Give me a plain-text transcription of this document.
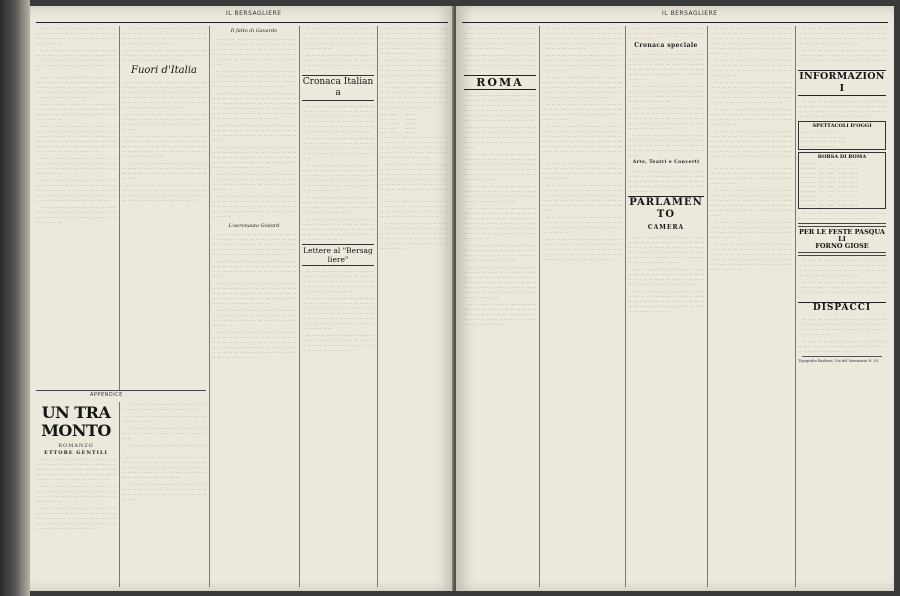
IL BERSAGLIERE

.... ... ... .... .... ... .... ... ..... .... ... .... ... .... ..... ... .... ... .... .... ... .... .... ... ... .... .... ... .... ... ... .... ... .... .... ... .... ... ..... .... ... .... ... .... ..... ... .... ... ....

.... ... ... .... .... ... .... ... ..... .... ... .... ... .... ..... ... .... ... .... .... ... .... .... ... ... .... .... ... .... ... ... .... ... .... .... ... .... ... ..... .... ... .... ... .... ..... ... .... ... .... .... ... .... .... ... ... .... .... ... .... ...

.... ... ... .... .... ... .... ... ..... .... ... .... ... .... ..... ... .... ... .... .... ... .... .... ... ... .... .... ... .... ... ... .... ... .... .... ... .... ... ..... .... ... .... ... .... ..... ... .... ... .... .... ... .... .... ... ... .... .... ... .... ... ... .... ... .... .... ... .... ... ..... ....

.... ... ... .... .... ... .... ... ..... .... ... .... ... .... ..... ... .... ... .... .... ... .... .... ... ... .... .... ... .... ... ... .... ... .... .... ... .... ... ..... .... ... .... ... .... ..... ... .... ... ....

.... ... ... .... .... ... .... ... ..... .... ... .... ... .... ..... ... .... ... .... .... ... .... .... ... ... .... .... ... .... ... ... .... ... .... .... ... .... ... ..... .... ... .... ... .... ..... ... .... ... .... .... ... .... .... ... ... .... .... ... .... ... ... .... ... .... .... ... .... ... ..... .... ... .... ... .... ..... ... .... ... .... .... ... .... .... ... ... ....

.... ... ... .... .... ... .... ... ..... .... ... .... ... .... ..... ... .... ... .... .... ... .... .... ... ... .... .... ... .... ... ... .... ... .... .... ... .... ... ..... .... ... .... ... .... ..... ... .... ... ....

.... ... ... .... .... ... .... ... ..... .... ... .... ... .... ..... ... .... ... .... .... ... .... .... ... ... .... .... ... .... ... ... .... ... .... .... ... .... ... ..... .... ... .... ... .... ..... ... .... ... .... .... ... .... .... ... ... .... .... ... .... ... ... .... ... .... .... ... .... ... ..... .... ... .... ...

.... ... ... .... .... ... .... ... ..... .... ... .... ... .... ..... ... .... ... .... .... ... .... .... ... ... .... .... ... .... ... ... .... ... .... .... ... .... ... ..... .... ... .... ... .... ..... ... .... ... ....

.... ... ... .... .... ... .... ... ..... .... ... .... ... .... ..... ... .... ... .... .... ... .... .... ... ... .... .... ... .... ... ... .... ... .... .... ... .... ... ..... .... ... .... ... .... ..... ... .... ... .... .... ... .... .... ... ... ....

.... ... ... .... .... ... .... ... ..... .... ... .... ... .... ..... ... .... ... .... .... ... .... .... ... ... .... .... ... .... ... ... .... ... .... .... ... .... ... ..... .... ... .... ...

Fuori d'Italia

.... ... ... .... .... ... .... ... ..... .... ... .... ... .... ..... ... .... ... .... .... ... .... .... ... ... .... .... ... .... ... ... .... ... .... .... ... .... ... ..... .... ... .... ... .... ..... ... .... ... .... .... ... .... .... ... ... .... .... ... .... ... ... .... ... .... .... ... .... ... ..... .... ... .... ... .... ..... ... .... ... .... .... ... .... .... ... ... .... .... ... .... ...

.... ... ... .... .... ... .... ... ..... .... ... .... ... .... ..... ... .... ... .... .... ... .... .... ... ... .... .... ... .... ... ... .... ... .... .... ... .... ... ..... .... ... .... ... .... ..... ... .... ... ....

.... ... ... .... .... ... .... ... ..... .... ... .... ... .... ..... ... .... ... .... .... ... .... .... ... ... .... .... ... .... ... ... .... ... .... .... ... .... ... ..... .... ... .... ... .... ..... ... .... ... .... .... ... .... .... ... ... .... .... ... .... ... ... .... ... .... .... ... .... ... ..... ....

.... ... ... .... .... ... .... ... ..... .... ... .... ... .... ..... ... .... ... .... .... ... .... .... ... ... .... .... ... .... ... ... .... ... .... .... ... .... ... ..... .... ... .... ... .... ..... ... .... ... ....

.... ... ... .... .... ... .... ... ..... .... ... .... ... .... ..... ... .... ... .... .... ... .... .... ... ... .... .... ... .... ... ... .... ... .... .... ... .... ... ..... .... ... .... ... .... ..... ... .... ... .... .... ... .... .... ... ... .... .... ... .... ...

Il fatto di Gavardo

.... ... ... .... .... ... .... ... ..... .... ... .... ... .... ..... ... .... ... .... .... ... .... .... ... ... .... .... ... .... ... ... .... ... .... .... ... .... ... ..... .... ... .... ... .... ..... ... .... ... .... .... ... .... .... ... ... .... .... ... .... ... ... .... ... .... .... ... .... ... ..... .... ... .... ... .... ..... ... .... ... ....

.... ... ... .... .... ... .... ... ..... .... ... .... ... .... ..... ... .... ... .... .... ... .... .... ... ... .... .... ... .... ... ... .... ... .... .... ... .... ... ..... .... ... .... ... .... ..... ... .... ... .... .... ... .... .... ... ... .... .... ... .... ...

.... ... ... .... .... ... .... ... ..... .... ... .... ... .... ..... ... .... ... .... .... ... .... .... ... ... .... .... ... .... ... ... .... ... .... .... ... .... ... ..... .... ... .... ... .... ..... ... .... ... .... .... ... .... .... ... ... .... .... ... .... ... ... .... ... .... .... ... .... ... ..... .... ... .... ... .... ..... ... .... ... .... .... ... .... .... ... ... .... .... ... .... ...

.... ... ... .... .... ... .... ... ..... .... ... .... ... .... ..... ... .... ... .... .... ... .... .... ... ... .... .... ... .... ... ... .... ... .... .... ... .... ... ..... .... ... .... ... .... ..... ... .... ... ....

.... ... ... .... .... ... .... ... ..... .... ... .... ... .... ..... ... .... ... .... .... ... .... .... ... ... .... .... ... .... ... ... .... ... .... .... ... .... ... ..... .... ... .... ... .... ..... ... .... ... .... .... ... .... .... ... ... .... .... ... .... ... ... .... ... .... .... ... .... ... ..... .... ... .... ...

.... ... ... .... .... ... .... ... ..... .... ... .... ... .... ..... ... .... ... .... .... ... .... .... ... ... .... .... ... .... ... ... .... ... .... .... ... .... ... ..... .... ... .... ... .... ..... ... .... ... ....

.... ... ... .... .... ... .... ... ..... .... ... .... ... .... ..... ... .... ... .... .... ... .... .... ... ... .... .... ... .... ... ... .... ... .... .... ... .... ... ..... .... ... .... ... .... ..... ... .... ... .... .... ... .... .... ... ... .... .... ... .... ... ... .... ... .... .... ...

L'aeronauta Godard

.... ... ... .... .... ... .... ... ..... .... ... .... ... .... ..... ... .... ... .... .... ... .... .... ... ... .... .... ... .... ... ... .... ... .... .... ... .... ... ..... .... ... .... ... .... ..... ... .... ... .... .... ... .... .... ... ... .... .... ... .... ... ... .... ... .... .... ... .... ... ..... .... ... .... ... .... ..... ...

.... ... ... .... .... ... .... ... ..... .... ... .... ... .... ..... ... .... ... .... .... ... .... .... ... ... .... .... ... .... ... ... .... ... .... .... ... .... ... ..... .... ... .... ... .... ..... ... .... ... ....

.... ... ... .... .... ... .... ... ..... .... ... .... ... .... ..... ... .... ... .... .... ... .... .... ... ... .... .... ... .... ... ... .... ... .... .... ... .... ... ..... .... ... .... ... .... ..... ... .... ... .... .... ... .... .... ... ... .... .... ... .... ... ... .... ... .... .... ... .... ... ..... .... ... .... ...

.... ... ... .... .... ... .... ... ..... .... ... .... ... .... ..... ... .... ... .... .... ... .... .... ... ... .... .... ... .... ... ... .... ... .... .... ... .... ... ..... .... ... .... ... .... ..... ... .... ... ....

.... ... ... .... .... ... .... ... ..... .... ... .... ... .... ..... ... .... ... .... .... ... .... .... ... ... .... .... ... .... ... ... .... ... .... .... ... .... ... ..... .... ... .... ... .... ..... ... .... ... .... .... ... .... .... ... ... .... .... ... .... ... ... .... ... .... .... ... .... ... ..... .... ... .... ... .... ..... ... .... ... .... .... ... .... .... ... ... ....

.... ... ... .... .... ... .... ... ..... .... ... .... ... .... ..... ... .... ... .... .... ... .... .... ... ... .... .... ... .... ... ... .... ... .... .... ... .... ... ..... .... ... .... ... .... ..... ... .... ... .... .... ... .... .... ... ... .... .... ...

.... ... ... .... .... ... .... ... ..... .... ... .... ... .... ..... ... .... ... .... .... ... .... .... ... ... .... .... ... .... ... ... .... ... .... .... ... .... ... ..... .... ... ....

Cronaca Italiana

.... ... ... .... .... ... .... ... ..... .... ... .... ... .... ..... ... .... ... .... .... ... .... .... ... ... .... .... ... .... ... ... .... ... .... .... ... .... ... ..... .... ... .... ... .... ..... ... .... ... .... .... ... .... .... ... ... .... .... ... .... ... ... .... ... .... .... ... .... ... ..... .... ... .... ... .... ..... ... .... ... ....

.... ... ... .... .... ... .... ... ..... .... ... .... ... .... ..... ... .... ... .... .... ... .... .... ... ... .... .... ... .... ... ... .... ... .... .... ... .... ... ..... .... ... .... ... .... ..... ... .... ... .... .... ... .... .... ...

.... ... ... .... .... ... .... ... ..... .... ... .... ... .... ..... ... .... ... .... .... ... .... .... ... ... .... .... ... .... ... ... .... ... .... .... ... .... ... ..... .... ... .... ... .... ..... ... .... ... .... .... ... .... .... ... ... .... .... ... .... ... ... .... ... .... .... ... .... ... ..... .... ... .... ...

.... ... ... .... .... ... .... ... ..... .... ... .... ... .... ..... ... .... ... .... .... ... .... .... ... ... .... .... ... .... ... ... .... ... .... .... ... .... ... ..... .... ... .... ... .... ..... ... .... ... ....

.... ... ... .... .... ... .... ... ..... .... ... .... ... .... ..... ... .... ... .... .... ... .... .... ... ... .... .... ... .... ... ... .... ... .... .... ... .... ... ..... .... ... .... ... .... ..... ... .... ... .... .... ... .... .... ... ... .... .... ... .... ...

Lettere al "Bersagliere"

.... ... ... .... .... ... .... ... ..... .... ... .... ... .... ..... ... .... ... .... .... ... .... .... ... ... .... .... ... .... ... ... .... ... .... .... ... .... ... ..... .... ... .... ... .... ..... ... .... ... .... .... ... .... .... ... ... .... .... ... .... ... ... .... ...

.... ... ... .... .... ... .... ... ..... .... ... .... ... .... ..... ... .... ... .... .... ... .... .... ... ... .... .... ... .... ... ... .... ... .... .... ... .... ... ..... .... ... .... ... .... ..... ... .... ... .... .... ... .... .... ... ... .... .... ... .... ... ... .... ... .... .... ... .... ... ..... .... ... .... ... .... ..... ... .... ... .... .... ... .... .... ... ...

.... ... ... .... .... ... .... ... ..... .... ... .... ... .... ..... ... .... ... .... .... ... .... .... ... ... .... .... ... .... ... ... .... ... .... .... ... .... ... ..... .... ... .... ... .... ..... ... .... ... ....

.... ... ... .... .... ... .... ... ..... .... ... .... ... .... ..... ... .... ... .... .... ... .... .... ... ... .... .... ... .... ... ... .... ... .... .... ... .... ... ..... .... ... .... ... .... ..... ... .... ... .... .... ... .... .... ... ... .... .... ... .... ... ... .... ... .... .... ... .... ... ..... ....

.... ... ... .... .... ... .... ... ..... .... ... .... ... .... ..... ... .... ... .... .... ... .... .... ... ... .... .... ... .... ... ... .... ... .... .... ... .... ... ..... .... ... .... ... .... ..... ... .... ... ....

.... ... ... .... .... ... .... ... ..... .... ... .... ... .... ..... ... .... ... .... .... ... .... .... ... ... .... .... ... .... ... ... .... ... .... .... ... .... ... ..... .... ... .... ... .... ..... ... .... ... .... .... ... .... .... ... ... .... .... ... .... ... ... .... ... .... .... ... .... ... ..... .... ... .... ...

.... .....   ......
.... ....    ......
.... .....   ......
.... ...     ......
.... .....   ......

.... ... ... .... .... ... .... ... ..... .... ... .... ... .... ..... ... .... ... .... .... ... .... .... ... ... .... .... ... .... ... ... .... ... .... .... ... .... ... ..... .... ... .... ... .... ..... ... .... ... .... .... ... .... .... ... ... .... .... ... .... ...

.... ... ... .... .... ... .... ... ..... .... ... .... ... .... ..... ... .... ... .... .... ... .... .... ... ... .... .... ... .... ... ... .... ... .... .... ... .... ... ..... .... ... .... ... .... ..... ... .... ... .... .... ... .... .... ... ... .... .... ... .... ... ... .... ... .... .... ... .... ... ..... .... ... .... ... .... ..... ... ....

.... ... ... .... .... ... .... ... ..... .... ... .... ... .... ..... ... .... ... .... .... ... .... .... ... ... .... .... ... .... ... ... .... ... .... .... ... .... ... ..... .... ... .... ... .... ..... ... .... ... ....

.... ... ... .... .... ... .... ... ..... .... ... .... ... .... ..... ... .... ... .... .... ... .... .... ... ... .... .... ... .... ... ... .... ... .... .... ... .... ... ..... .... ... .... ... .... ..... ... .... ... .... .... ... .... .... ... ... .... .... ... .... ... ... .... ... .... .... ... .... ...

APPENDICE
UN TRAMONTO
ROMANZO
ETTORE GENTILI

.... ... ... .... .... ... .... ... ..... .... ... .... ... .... ..... ... .... ... .... .... ... .... .... ... ... .... .... ... .... ... ... .... ... .... .... ... .... ... ..... .... ... .... ... .... ..... ... .... ... .... .... ... .... .... ... ... .... .... ... .... ... ... .... ... .... .... ... .... ... ..... .... ... .... ...

.... ... ... .... .... ... .... ... ..... .... ... .... ... .... ..... ... .... ... .... .... ... .... .... ... ... .... .... ... .... ... ... .... ... .... .... ... .... ... ..... .... ... .... ... .... ..... ... .... ... ....

.... ... ... .... .... ... .... ... ..... .... ... .... ... .... ..... ... .... ... .... .... ... .... .... ... ... .... .... ... .... ... ... .... ... .... .... ... .... ... ..... .... ... .... ... .... ..... ... .... ... .... .... ... .... .... ... ... .... .... ... .... ... ... .... ... .... .... ... .... ... ..... ....

.... ... ... .... .... ... .... ... ..... .... ... .... ... .... ..... ... .... ... .... .... ... .... .... ... ... .... .... ... .... ...

.... ... ... .... .... ... .... ... ..... .... ... .... ... .... ..... ... .... ... .... .... ...

.... ... ... .... .... ... .... ... ..... .... ... .... ... .... ..... ... .... ... .... .... ... .... .... ... ... .... .... ... .... ... ... .... ...

.... ... ... .... .... ... .... ... ..... .... ... .... ... .... ..... ...

.... ... ... .... .... ... .... ... ..... .... ... .... ... .... ..... ... .... ... .... .... ... .... .... ... ... .... .... ... .... ... ... .... ... .... .... ... .... ... ..... .... ... .... ... .... ..... ... .... ... .... .... ... .... .... ... ... .... .... ... .... ... ... .... ... .... .... ... .... ... ..... .... ... .... ...

.... ... ... .... .... ... .... ... ..... .... ... .... ... .... ..... ... .... ... .... .... ... .... .... ... ... .... .... ... .... ... ... .... ... .... .... ... .... ... ..... .... ... .... ... .... ..... ... .... ... ....

IL BERSAGLIERE

.... ... ... .... .... ... .... ... ..... .... ... .... ... .... ..... ... .... ... .... .... ... .... .... ... ... .... .... ... .... ... ... .... ... .... .... ... .... ... ..... .... ... .... ... .... ..... ... .... ... .... .... ... .... .... ... ... .... .... ... .... ...

.... ... ... .... .... ... .... ... ..... .... ... .... ... .... ..... ... .... ... .... .... ... .... .... ... ... .... .... ... .... ... ... .... ... .... .... ... .... ... ..... .... ... ....

ROMA

.... ... ... .... .... ... .... ... ..... .... ... .... ... .... ..... ... .... ... .... .... ... .... .... ... ... .... .... ... .... ... ... .... ... .... .... ... .... ... ..... .... ... .... ... .... ..... ... .... ... .... .... ... .... .... ... ... .... .... ... .... ... ... .... ... .... .... ... .... ... ..... .... ... .... ... .... ..... ... .... ... ....

.... ... ... .... .... ... .... ... ..... .... ... .... ... .... ..... ... .... ... .... .... ... .... .... ... ... .... .... ... .... ... ... .... ... .... .... ... .... ... ..... .... ... .... ... .... ..... ... .... ... .... .... ... .... .... ...

.... ... ... .... .... ... .... ... ..... .... ... .... ... .... ..... ... .... ... .... .... ... .... .... ... ... .... .... ... .... ... ... .... ... .... .... ... .... ... ..... .... ... .... ... .... ..... ... .... ... .... .... ... .... .... ... ... .... .... ... .... ... ... .... ... .... .... ... .... ... ..... .... ... .... ...

.... ... ... .... .... ... .... ... ..... .... ... .... ... .... ..... ... .... ... .... .... ... .... .... ... ... .... .... ... .... ... ... .... ... .... .... ... .... ... ..... .... ... .... ... .... ..... ... .... ... ....

.... ... ... .... .... ... .... ... ..... .... ... .... ... .... ..... ... .... ... .... .... ... .... .... ... ... .... .... ... .... ... ... .... ... .... .... ... .... ... ..... .... ... .... ... .... ..... ... .... ... .... .... ... .... .... ... ... .... .... ... .... ... ... .... ... .... .... ... .... ... ..... .... ... .... ... .... ..... ... .... ... .... .... ... .... .... ...

.... ... ... .... .... ... .... ... ..... .... ... .... ... .... ..... ... .... ... .... .... ... .... .... ... ... .... .... ... .... ... ... .... ... .... .... ... .... ... ..... .... ... .... ... .... ..... ... .... ... ....

.... ... ... .... .... ... .... ... ..... .... ... .... ... .... ..... ... .... ... .... .... ... .... .... ... ... .... .... ... .... ... ... .... ... .... .... ... .... ... ..... .... ... .... ... .... ..... ... .... ... .... .... ... .... .... ... ... .... .... ... .... ... ... .... ... .... .... ... .... ... ..... .... ... .... ... .... ..... ... .... ... .... .... ... .... .... ... ... ....

.... ... ... .... .... ... .... ... ..... .... ... .... ... .... ..... ... .... ... .... .... ... .... .... ... ... .... .... ... .... ... ... .... ... .... .... ... .... ... ..... .... ... .... ... .... ..... ... .... ... .... .... ... .... .... ... ... .... .... ... .... ...

.... ... ... .... .... ... .... ... ..... .... ... .... ... .... ..... ... .... ... .... .... ... .... .... ... ... .... .... ... .... ... ... .... ... .... .... ... .... ... ..... .... ... .... ... .... ..... ... .... ... .... .... ... .... .... ... ... .... .... ... .... ... ... .... ... .... .... ... .... ...

.... ... ... .... .... ... .... ... ..... .... ... .... ... .... ..... ... .... ... .... .... ... .... .... ... ... .... .... ... .... ... ... .... ... .... .... ... .... ... ..... .... ... .... ... .... ..... ... .... ... ....

.... ... ... .... .... ... .... ... ..... .... ... .... ... .... ..... ... .... ... .... .... ... .... .... ... ... .... .... ... .... ... ... .... ... .... .... ... .... ... ..... .... ... .... ... .... ..... ... .... ... .... .... ... .... .... ... ... .... .... ... .... ... ... .... ... .... .... ... .... ... ..... .... ... .... ...

.... ... ... .... .... ... .... ... ..... .... ... .... ... .... ..... ... .... ... .... .... ... .... .... ... ... .... .... ... .... ... ... .... ... .... .... ... .... ... ..... .... ... .... ... .... ..... ... .... ... ....

.... ... ... .... .... ... .... ... ..... .... ... .... ... .... ..... ... .... ... .... .... ... .... .... ... ... .... .... ... .... ... ... .... ... .... .... ... .... ... ..... .... ... .... ... .... ..... ... .... ... .... .... ... .... .... ... ... .... .... ... .... ... ... .... ... .... .... ... .... ... ..... .... ... .... ... .... ..... ... .... ... .... .... ... .... .... ... ... .... .... ... .... ...

.... ... ... .... .... ... .... ... ..... .... ... .... ... .... ..... ... .... ... .... .... ... .... .... ... ... .... .... ... .... ... ... .... ... .... .... ... .... ... ..... .... ... .... ... .... ..... ... .... ... ....

.... ... ... .... .... ... .... ... ..... .... ... .... ... .... ..... ... .... ... .... .... ... .... .... ... ... .... .... ... .... ... ... .... ... .... .... ... .... ... ..... .... ... .... ... .... ..... ... .... ... .... .... ... .... .... ... ... .... .... ... .... ... ... .... ... .... .... ... .... ... ..... .... ... .... ... .... ..... ...

.... ... ... .... .... ... .... ... ..... .... ... .... ... .... ..... ... .... ... .... .... ... .... .... ... ... .... .... ... .... ... ... .... ... .... .... ... .... ... ..... .... ... .... ... .... ..... ... .... ... ....

.... ... ... .... .... ... .... ... ..... .... ... .... ... .... ..... ... .... ... .... .... ... .... .... ... ... .... .... ... .... ... ... .... ... .... .... ... .... ... ..... .... ... .... ... .... ..... ... .... ... .... .... ... .... .... ... ... .... .... ... .... ... ... .... ... .... .... ... .... ... ..... .... ... .... ...

.... ... ... .... .... ... .... ... ..... .... ... .... ... .... ..... ... .... ... .... .... ... .... .... ... ... .... .... ... .... ... ... ....

Cronaca speciale

.... ... ... .... .... ... .... ... ..... .... ... .... ... .... ..... ... .... ... .... .... ... .... .... ... ... .... .... ... .... ... ... .... ... .... .... ... .... ... ..... .... ... .... ... .... ..... ... .... ... .... .... ... .... .... ... ... .... .... ... .... ... ... .... ... .... .... ... .... ... ..... .... ... .... ...

.... ... ... .... .... ... .... ... ..... .... ... .... ... .... ..... ... .... ... .... .... ... .... .... ... ... .... .... ... .... ... ... .... ... .... .... ... .... ... ..... .... ... .... ... .... ..... ... .... ... ....

.... ... ... .... .... ... .... ... ..... .... ... .... ... .... ..... ... .... ... .... .... ... .... .... ... ... .... .... ... .... ... ... .... ... .... .... ... .... ... ..... .... ... .... ... .... ..... ... .... ... .... .... ... .... .... ... ... .... .... ... .... ... ... .... ...

.... ... ... .... .... ... .... ... ..... .... ... .... ... .... ..... ... .... ... .... .... ... .... .... ... ... .... .... ... .... ... ... .... ... .... .... ... .... ... ..... .... ... .... ... .... ..... ... .... ... .... .... ... .... .... ... ... .... ....

Arte, Teatri e Concerti

.... ... ... .... .... ... .... ... ..... .... ... .... ... .... ..... ... .... ... .... .... ... .... .... ... ... .... .... ... .... ... ... .... ... .... .... ... .... ... ..... .... ... .... ... .... ..... ... .... ... .... .... ... .... .... ... ... .... .... ... .... ...

PARLAMENTO
CAMERA

.... ... ... .... .... ... .... ... ..... .... ... .... ... .... ..... ... .... ... .... .... ... .... .... ... ... .... .... ... .... ... ... .... ... .... .... ... .... ... ..... .... ... .... ... .... ..... ... .... ... .... .... ... .... .... ... ... .... .... ... .... ... ... .... ... .... .... ... .... ... ..... .... ... .... ... .... ..... ... .... ... ....

.... ... ... .... .... ... .... ... ..... .... ... .... ... .... ..... ... .... ... .... .... ... .... .... ... ... .... .... ... .... ... ... .... ... .... .... ... .... ... ..... .... ... .... ... .... ..... ... .... ... .... .... ... .... .... ...

.... ... ... .... .... ... .... ... ..... .... ... .... ... .... ..... ... .... ... .... .... ... .... .... ... ... .... .... ... .... ... ... .... ... .... .... ... .... ... ..... .... ... .... ... .... ..... ... .... ... .... .... ... .... .... ... ... .... .... ... .... ... ... .... ...

.... ... ... .... .... ... .... ... ..... .... ... .... ... .... ..... ... .... ... .... .... ... .... .... ... ... .... .... ... .... ... ... .... ... .... .... ... .... ... ..... .... ... .... ... .... ..... ... .... ... .... .... ... .... .... ... ... .... .... ... .... ... ... .... ... .... .... ... .... ... ..... .... ... .... ... .... ..... ... .... ...

.... ... ... .... .... ... .... ... ..... .... ... .... ... .... ..... ... .... ... .... .... ... .... .... ... ... .... .... ... .... ... ... .... ... .... .... ... .... ... ..... .... ... .... ... .... ..... ... .... ... ....

.... ... ... .... .... ... .... ... ..... .... ... .... ... .... ..... ... .... ... .... .... ... .... .... ... ... .... .... ... .... ... ... .... ... .... .... ... .... ... ..... .... ... .... ... .... ..... ... .... ... .... .... ... .... .... ... ... .... .... ... .... ... ... .... ... .... .... ... .... ... ..... .... ... .... ...

.... ... ... .... .... ... .... ... ..... .... ... .... ... .... ..... ... .... ... .... .... ... .... .... ... ... .... .... ... .... ... ... .... ... .... .... ... .... ... ..... .... ... .... ... .... ..... ... .... ... ....

.... ... ... .... .... ... .... ... ..... .... ... .... ... .... ..... ... .... ... .... .... ... .... .... ... ... .... .... ... .... ... ... .... ... .... .... ... .... ... ..... .... ... .... ... .... ..... ... .... ... .... .... ... .... .... ... ... .... .... ... .... ... ... .... ... .... .... ... .... ... ..... .... ... .... ... .... ..... ... .... ... .... .... ... .... .... ... ... .... .... ... .... ...

.... ... ... .... .... ... .... ... ..... .... ... .... ... .... ..... ... .... ... .... .... ... .... .... ... ... .... .... ... .... ... ... .... ... .... .... ... .... ... ..... .... ... .... ... .... ..... ... .... ... ....

.... ... ... .... .... ... .... ... ..... .... ... .... ... .... ..... ... .... ... .... .... ... .... .... ... ... .... .... ... .... ... ... .... ... .... .... ... .... ... ..... .... ... .... ... .... ..... ... .... ... .... .... ... .... .... ... ... .... .... ... .... ... ... .... ... .... .... ... .... ... ..... .... ... .... ... .... ..... ...

.... ... ... .... .... ... .... ... ..... .... ... .... ... .... ..... ... .... ... .... .... ... .... .... ... ... .... .... ... .... ... ... .... ... .... .... ... .... ... ..... .... ... .... ... .... ..... ... .... ... ....

.... ... ... .... .... ... .... ... ..... .... ... .... ... .... ..... ... .... ... .... .... ... .... .... ... ... .... .... ... .... ... ... .... ... .... .... ... .... ... ..... .... ... .... ... .... ..... ... .... ... .... .... ... .... .... ... ... .... .... ... .... ... ... .... ... .... .... ... .... ... ..... .... ... .... ... .... ..... ... .... ... .... ....

.... ... ... .... .... ... .... ... ..... .... ... .... ... .... ..... ... .... ... .... .... ... .... .... ... ... .... .... ... .... ... ... .... ... .... .... ... .... ... ..... .... ... .... ... .... ..... ... .... ... .... .... ... .... .... ... ... .... .... ... .... ...

.... ... ... .... .... ... .... ... ..... .... ... .... ... .... ..... ... .... ... .... .... ... .... .... ... ... .... .... ... .... ... ... .... ... .... .... ... .... ... ..... .... ... .... ... .... ..... ... .... ... ....

INFORMAZIONI

.... ... ... .... .... ... .... ... ..... .... ... .... ... .... ..... ... .... ... .... .... ... .... .... ... ... .... .... ... .... ... ... .... ... .... .... ... .... ... ..... .... ... .... ... .... ..... ... .... ... .... .... ... .... .... ... ... .... .... ... .... ... ... .... ...

SPETTACOLI D'OGGI
.... ... ..... .... ...
.... ..... ... .... ....
.... ... ..... .... ...
.... ..... ... ....
BORSA DI ROMA
........  ..  ....  ....  ....
........  ..  ....  ....  ....
........  ..  ....  ....  ....
........  ..  ....  ....  ....
........  ..  ....  ....  ....
........  ..  ....  ....  ....
........  ..  ....  ....  ....
........  ..  ....  ....  ....
........  ..  ....  ....  ....
........  ..  ....  ....  ....

.... ... ... .... .... ... .... ... ..... .... ... .... ... .... ..... ... .... ... .... .... ... .... .... ... ... .... .... ... .... ...

PER LE FESTE PASQUALI
FORNO GIOSE

.... ... ... .... .... ... .... ... ..... .... ... .... ... .... ..... ... .... ... .... .... ... .... .... ... ... .... .... ... .... ... ... .... ... .... .... ... .... ... ..... .... ... .... ... .... ..... ... .... ... .... .... ... .... .... ... ... .... .... ... .... ...

.... ... ... .... .... ... .... ... ..... .... ... .... ... .... ..... ... .... ... .... .... ... .... .... ... ... .... .... ... .... ... ... .... ... .... .... ... .... ... ..... .... ... .... ... .... ..... ... .... ... ....

DISPACCI

.... ... ... .... .... ... .... ... ..... .... ... .... ... .... ..... ... .... ... .... .... ... .... .... ... ... .... .... ... .... ... ... .... ... .... .... ... .... ... ..... .... ... .... ... .... ..... ... .... ... .... .... ... .... .... ...

.... ... ... .... .... ... .... ... ..... .... ... .... ... .... ..... ... .... ... .... .... ... .... .... ... ... .... .... ... .... ... ... .... ... .... .... ... .... ... ..... .... ... .... ...

Tipografia Barbera, Via del Seminario N. 10.
